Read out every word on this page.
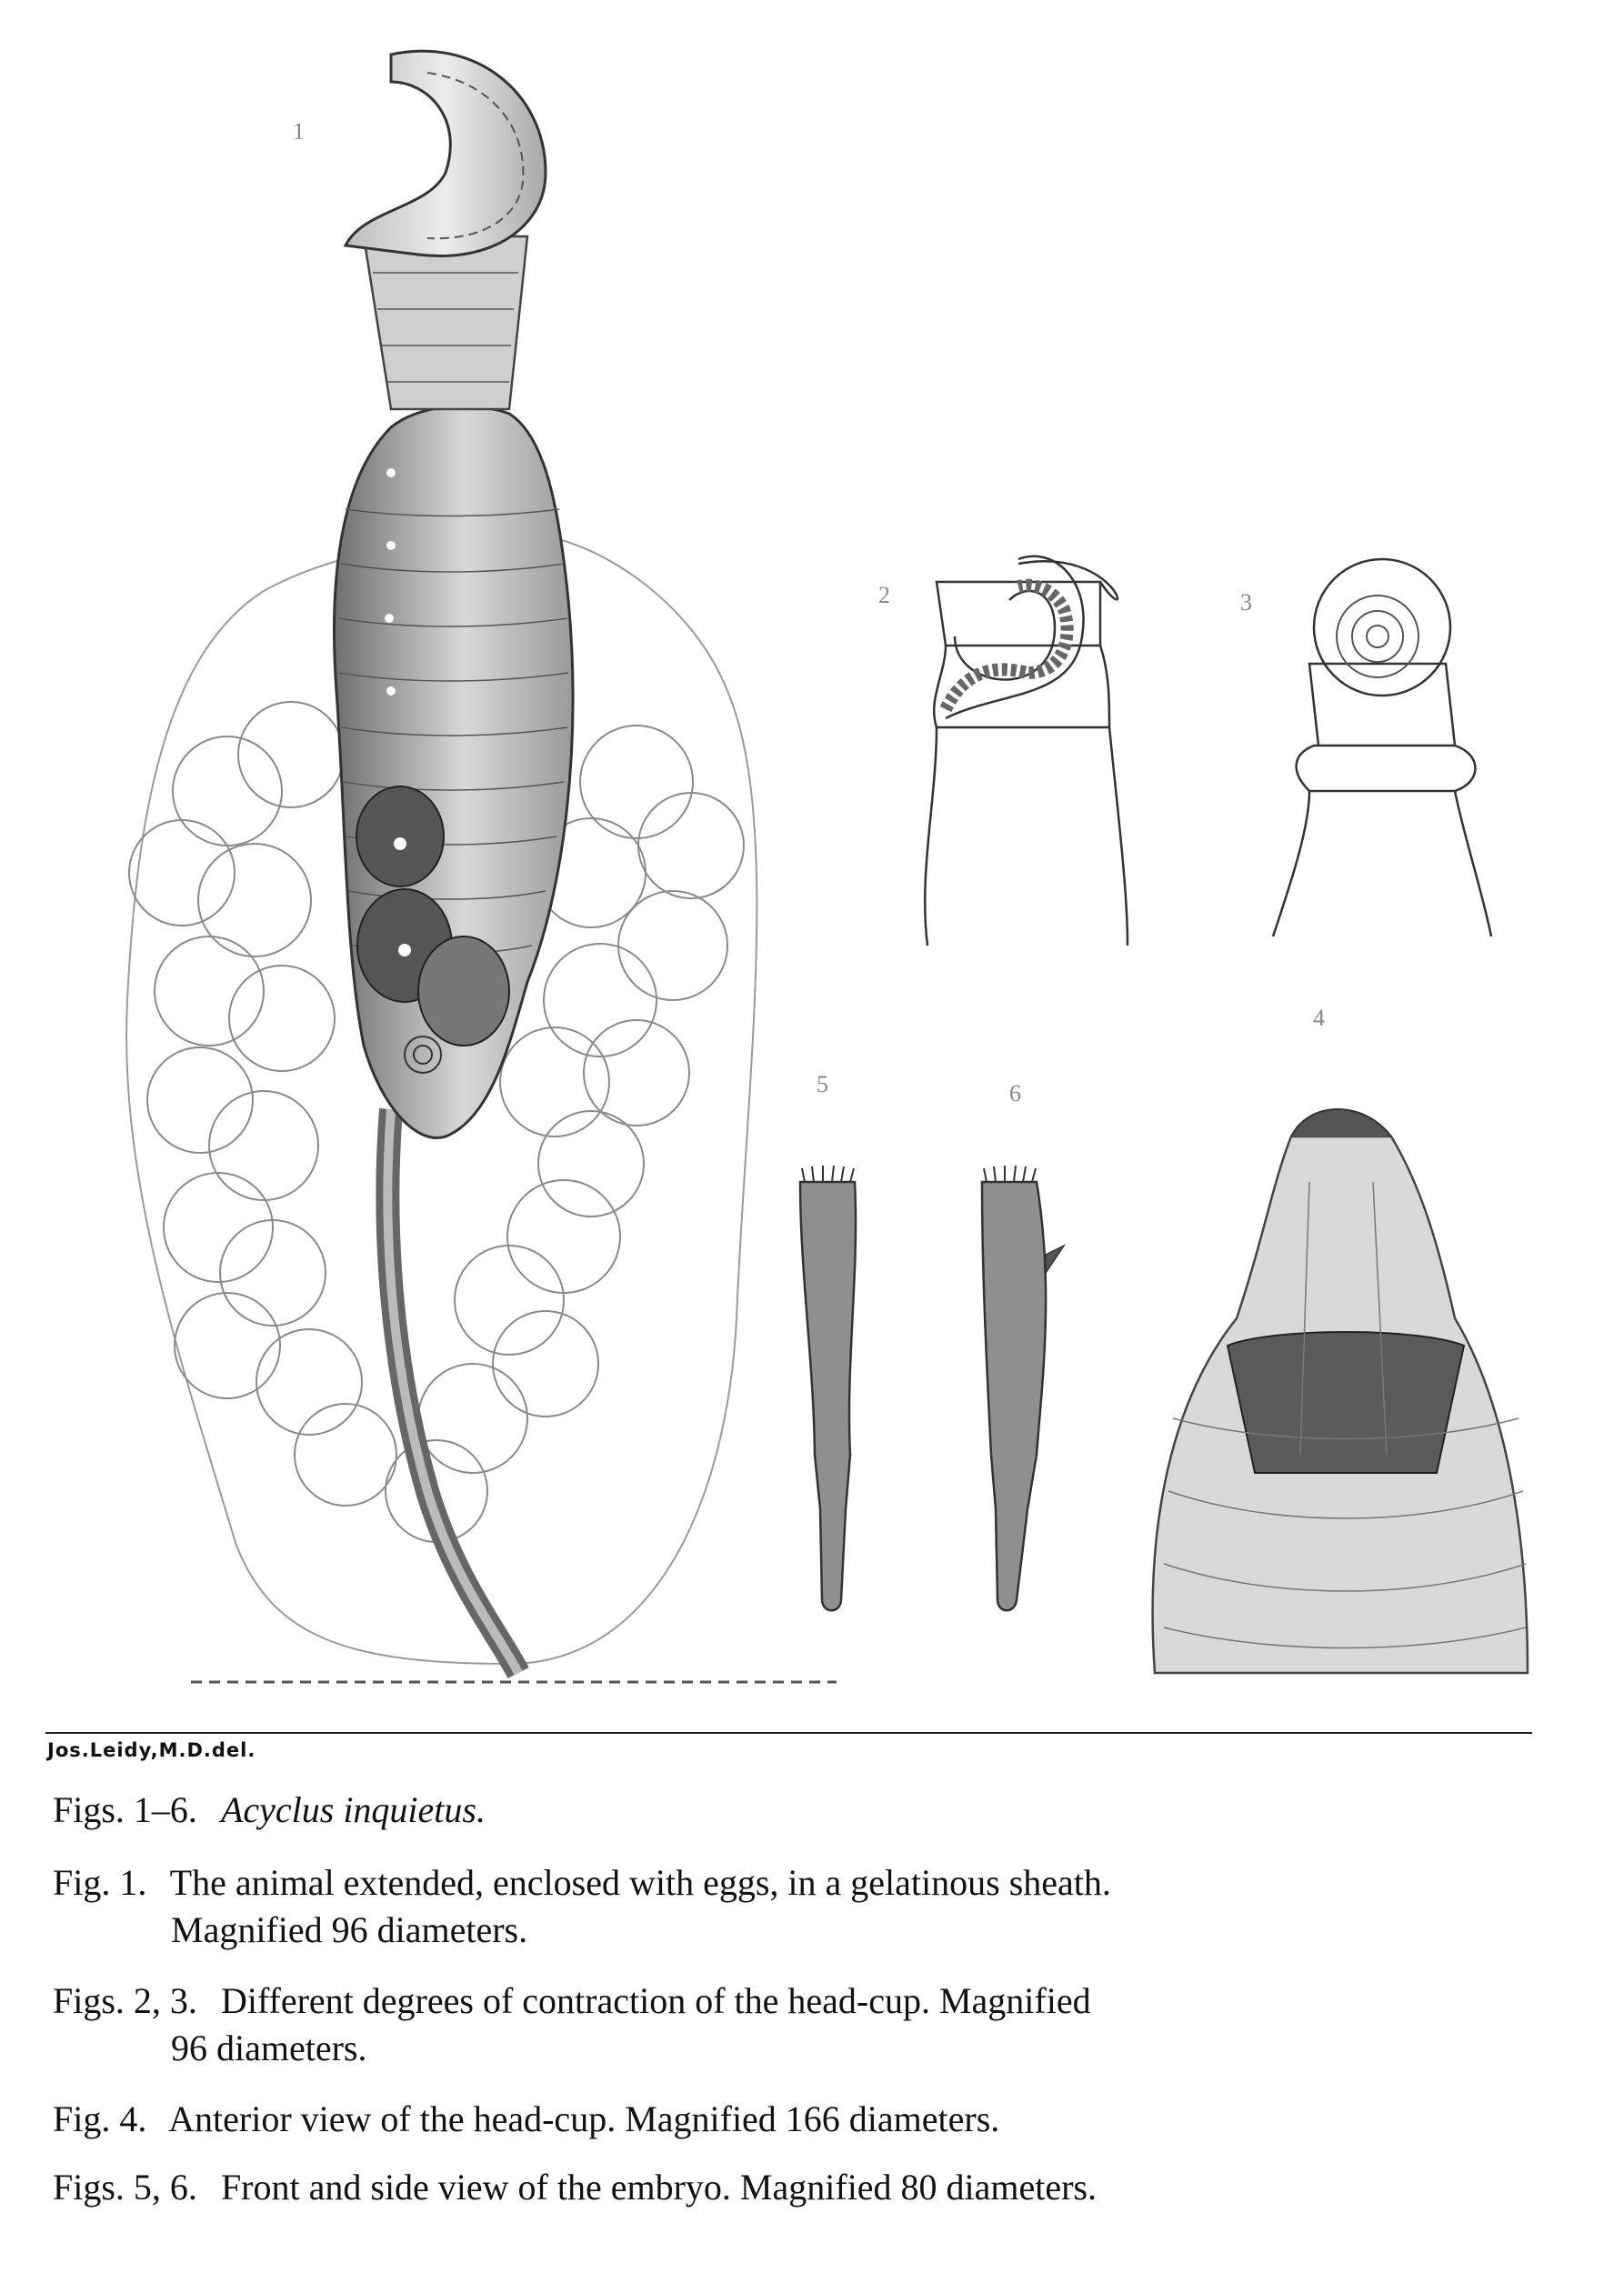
1
2	3
4
5	6
Jos.Leidy,M.D.del.
Figs. 1–6. Acyclus inquietus.
Fig. 1. The animal extended, enclosed with eggs, in a gelatinous sheath.
Magnified 96 diameters.
Figs. 2, 3. Different degrees of contraction of the head-cup. Magnified
96 diameters.
Fig. 4. Anterior view of the head-cup. Magnified 166 diameters.
Figs. 5, 6. Front and side view of the embryo. Magnified 80 diameters.
